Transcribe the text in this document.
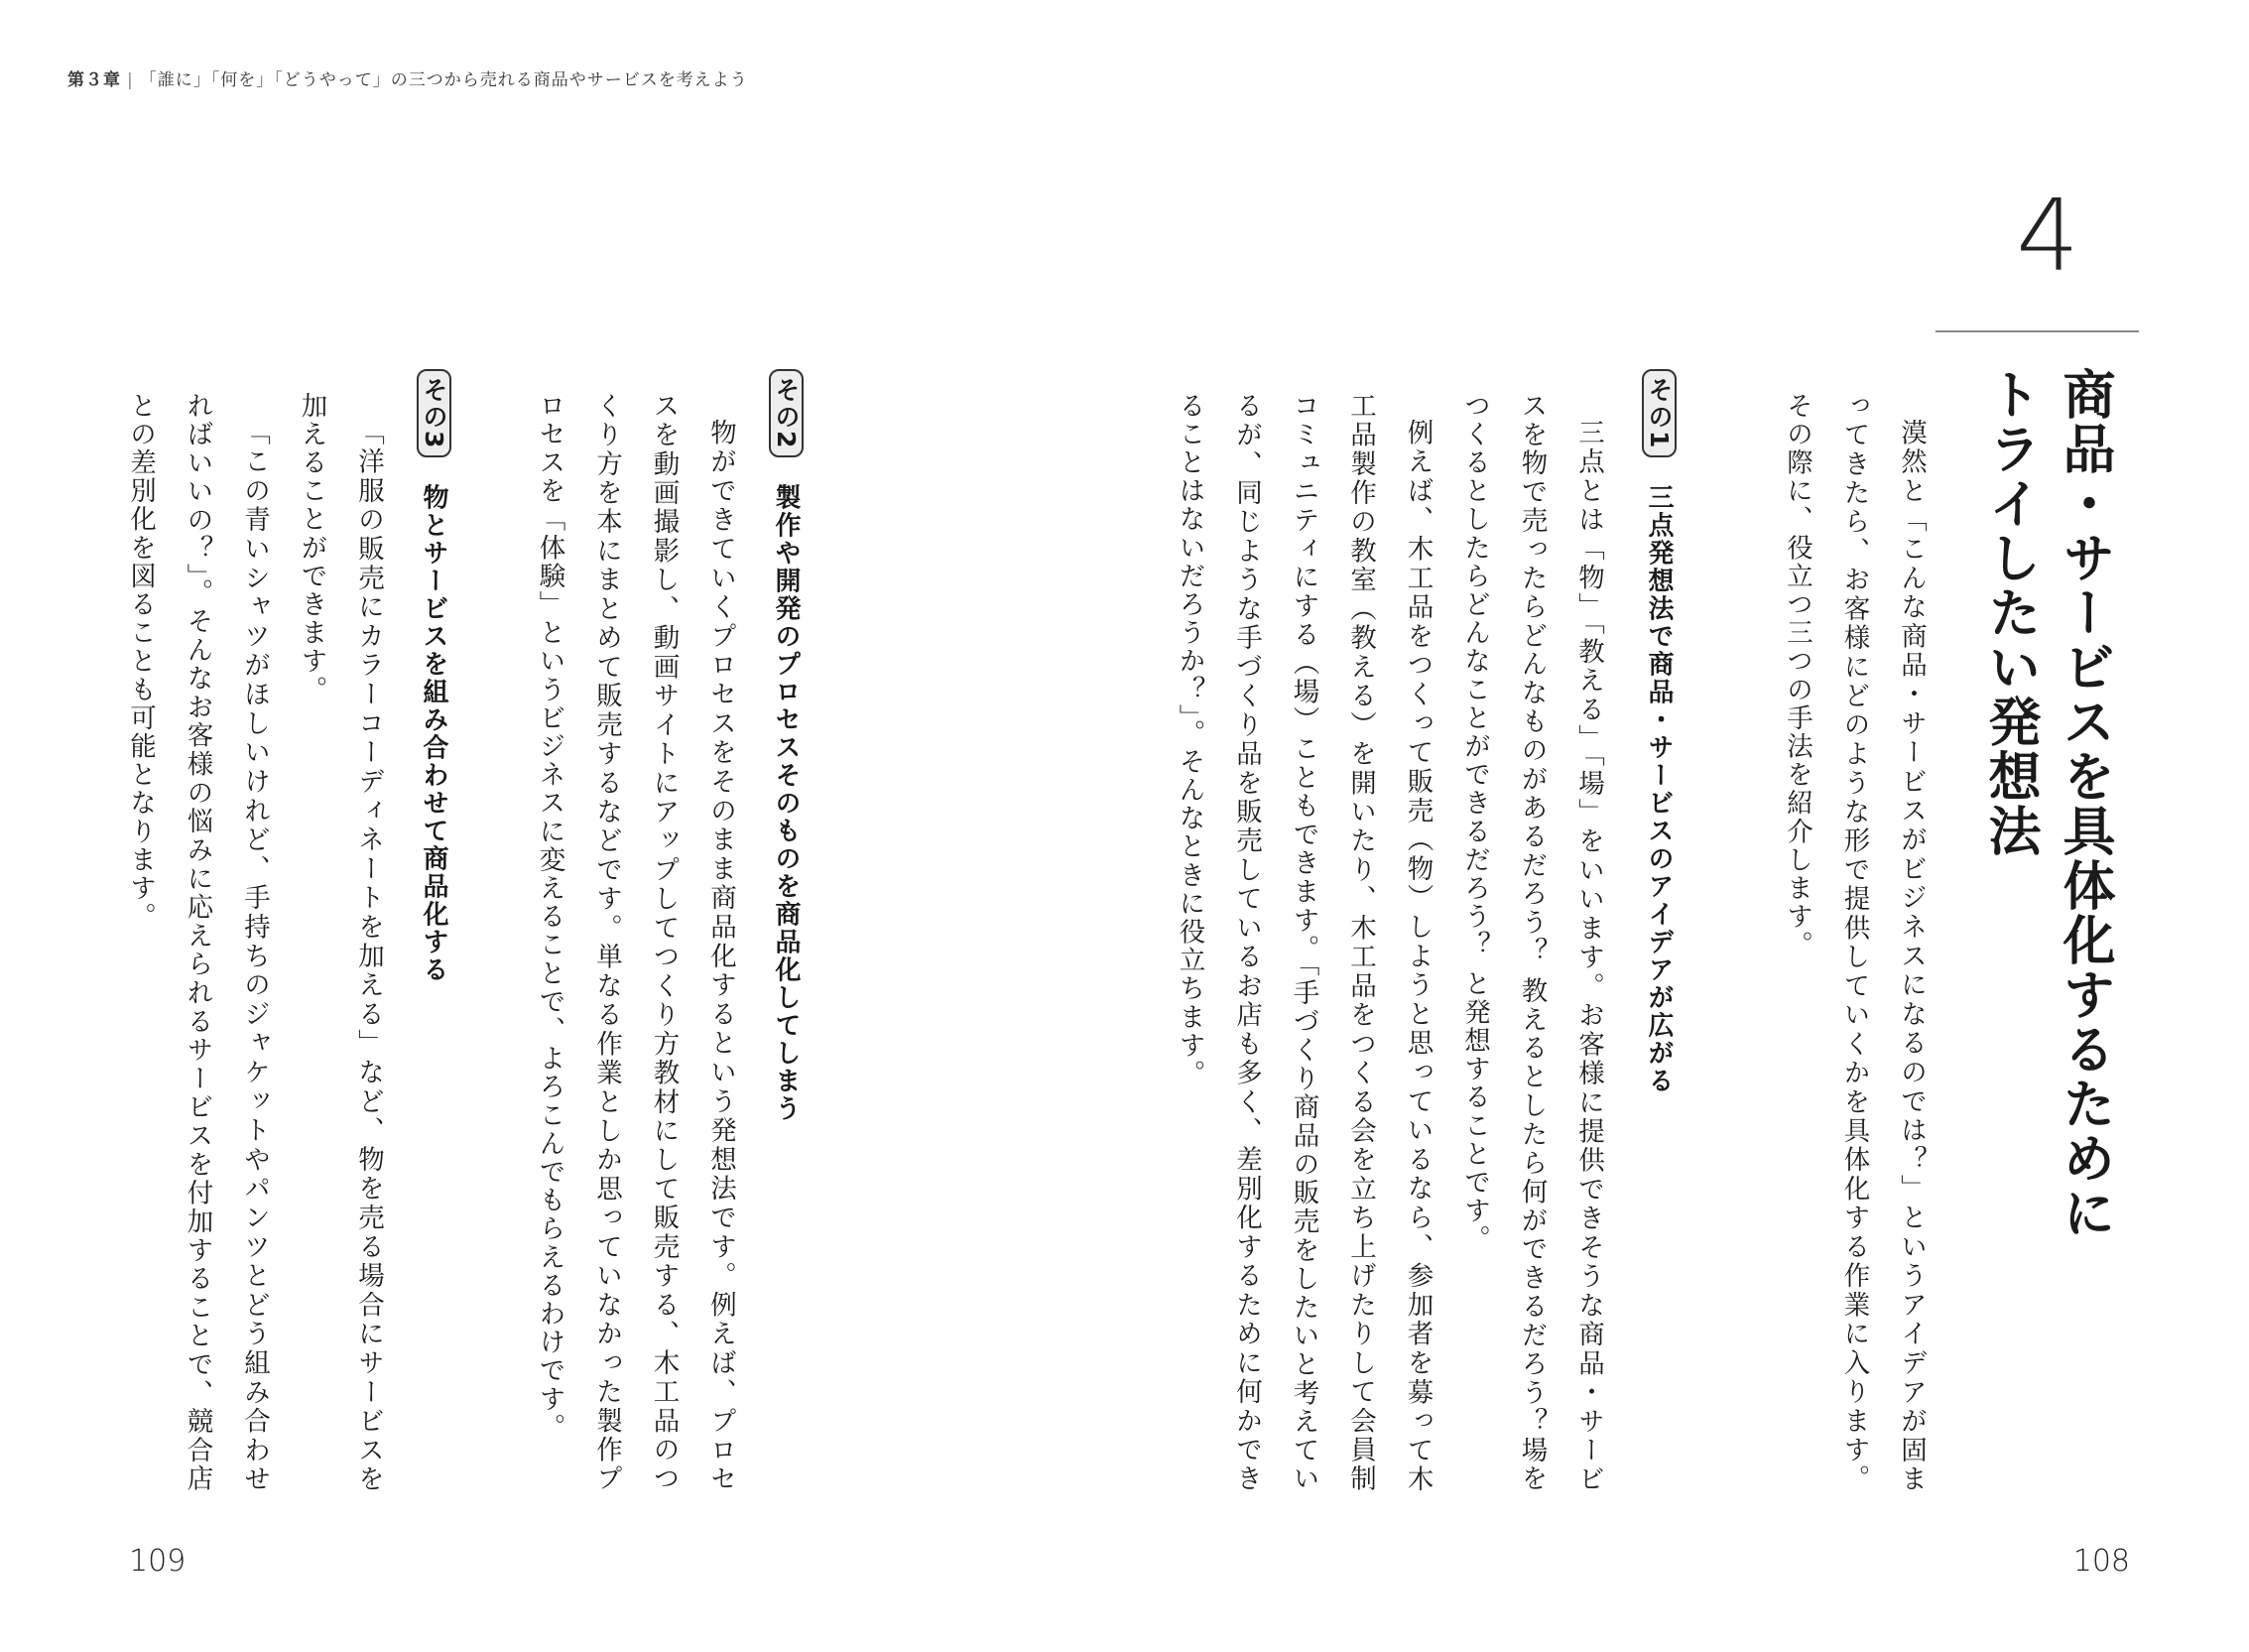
第３章 | 「誰に」「何を」「どうやって」の三つから売れる商品やサービスを考えよう
4
商品・サービスを具体化するために
トライしたい発想法

漠然と「こんな商品・サービスがビジネスになるのでは？」というアイデアが固まってきたら、お客様にどのような形で提供していくかを具体化する作業に入ります。その際に、役立つ三つの手法を紹介します。

その1三点発想法で商品・サービスのアイデアが広がる

三点とは「物」「教える」「場」をいいます。お客様に提供できそうな商品・サービスを物で売ったらどんなものがあるだろう？ 教えるとしたら何ができるだろう？場をつくるとしたらどんなことができるだろう？ と発想することです。

例えば、木工品をつくって販売（物）しようと思っているなら、参加者を募って木工品製作の教室（教える）を開いたり、木工品をつくる会を立ち上げたりして会員制コミュニティにする（場）こともできます。「手づくり商品の販売をしたいと考えているが、同じような手づくり品を販売しているお店も多く、差別化するために何かできることはないだろうか？」。そんなときに役立ちます。

その2製作や開発のプロセスそのものを商品化してしまう

物ができていくプロセスをそのまま商品化するという発想法です。例えば、プロセスを動画撮影し、動画サイトにアップしてつくり方教材にして販売する、木工品のつくり方を本にまとめて販売するなどです。単なる作業としか思っていなかった製作プロセスを「体験」というビジネスに変えることで、よろこんでもらえるわけです。

その3物とサービスを組み合わせて商品化する

「洋服の販売にカラーコーディネートを加える」など、物を売る場合にサービスを加えることができます。

「この青いシャツがほしいけれど、手持ちのジャケットやパンツとどう組み合わせればいいの？」。そんなお客様の悩みに応えられるサービスを付加することで、競合店との差別化を図ることも可能となります。

109	108
